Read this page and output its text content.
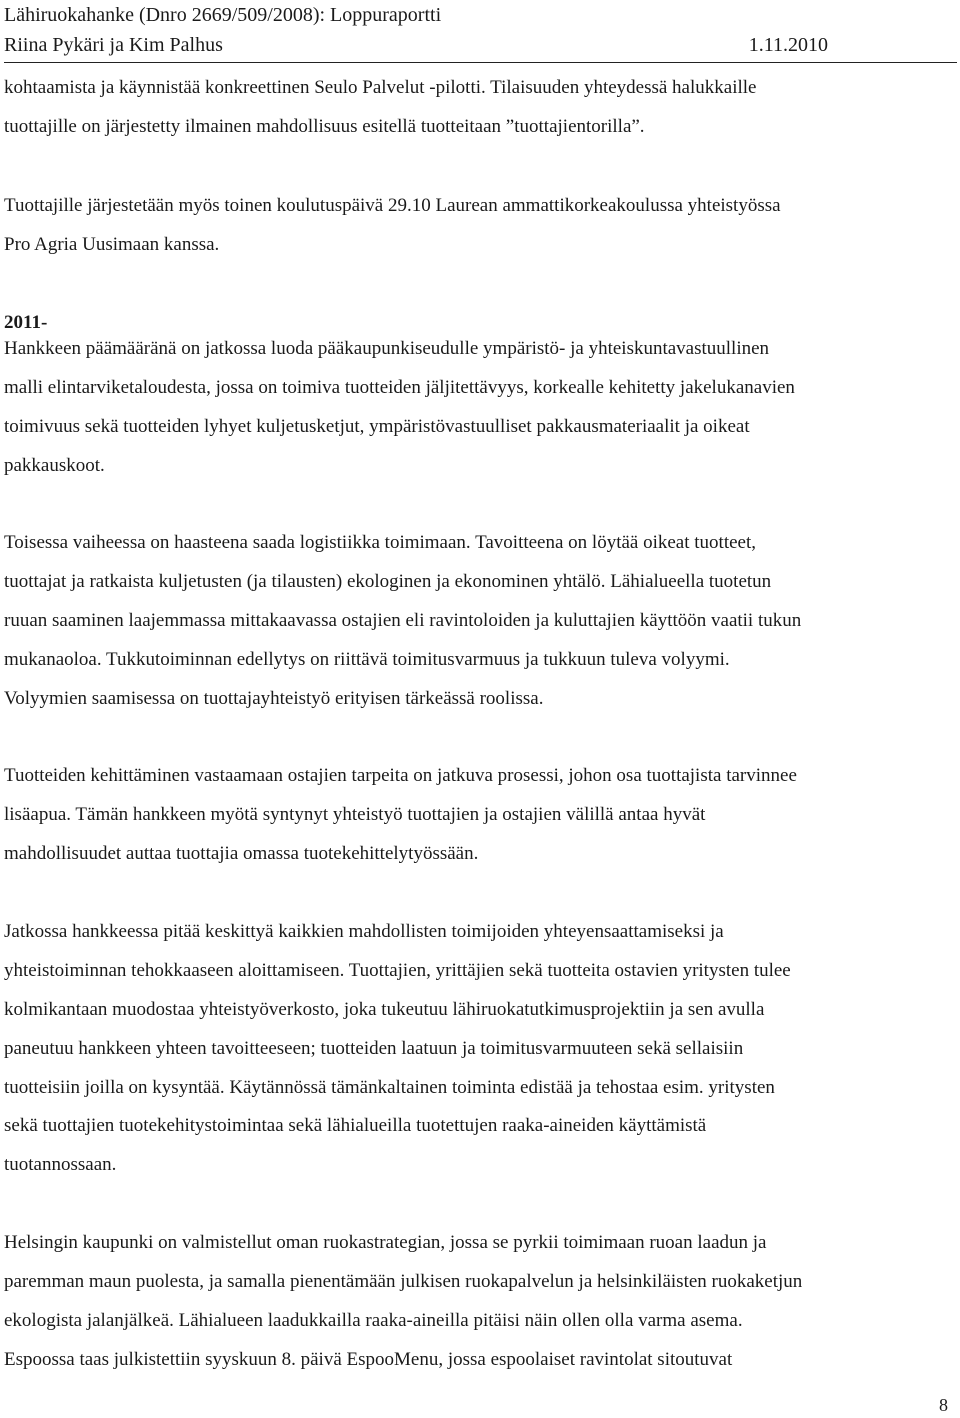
Lähiruokahanke (Dnro 2669/509/2008): Loppuraportti
Riina Pykäri ja Kim Palhus	1.11.2010
kohtaamista ja käynnistää konkreettinen Seulo Palvelut -pilotti. Tilaisuuden yhteydessä halukkaille
tuottajille on järjestetty ilmainen mahdollisuus esitellä tuotteitaan ”tuottajientorilla”.
Tuottajille järjestetään myös toinen koulutuspäivä 29.10 Laurean ammattikorkeakoulussa yhteistyössa
Pro Agria Uusimaan kanssa.
2011-
Hankkeen päämääränä on jatkossa luoda pääkaupunkiseudulle ympäristö- ja yhteiskuntavastuullinen
malli elintarviketaloudesta, jossa on toimiva tuotteiden jäljitettävyys, korkealle kehitetty jakelukanavien
toimivuus sekä tuotteiden lyhyet kuljetusketjut, ympäristövastuulliset pakkausmateriaalit ja oikeat
pakkauskoot.
Toisessa vaiheessa on haasteena saada logistiikka toimimaan. Tavoitteena on löytää oikeat tuotteet,
tuottajat ja ratkaista kuljetusten (ja tilausten) ekologinen ja ekonominen yhtälö. Lähialueella tuotetun
ruuan saaminen laajemmassa mittakaavassa ostajien eli ravintoloiden ja kuluttajien käyttöön vaatii tukun
mukanaoloa. Tukkutoiminnan edellytys on riittävä toimitusvarmuus ja tukkuun tuleva volyymi.
Volyymien saamisessa on tuottajayhteistyö erityisen tärkeässä roolissa.
Tuotteiden kehittäminen vastaamaan ostajien tarpeita on jatkuva prosessi, johon osa tuottajista tarvinnee
lisäapua. Tämän hankkeen myötä syntynyt yhteistyö tuottajien ja ostajien välillä antaa hyvät
mahdollisuudet auttaa tuottajia omassa tuotekehittelytyössään.
Jatkossa hankkeessa pitää keskittyä kaikkien mahdollisten toimijoiden yhteyensaattamiseksi ja
yhteistoiminnan tehokkaaseen aloittamiseen. Tuottajien, yrittäjien sekä tuotteita ostavien yritysten tulee
kolmikantaan muodostaa yhteistyöverkosto, joka tukeutuu lähiruokatutkimusprojektiin ja sen avulla
paneutuu hankkeen yhteen tavoitteeseen; tuotteiden laatuun ja toimitusvarmuuteen sekä sellaisiin
tuotteisiin joilla on kysyntää. Käytännössä tämänkaltainen toiminta edistää ja tehostaa esim. yritysten
sekä tuottajien tuotekehitystoimintaa sekä lähialueilla tuotettujen raaka-aineiden käyttämistä
tuotannossaan.
Helsingin kaupunki on valmistellut oman ruokastrategian, jossa se pyrkii toimimaan ruoan laadun ja
paremman maun puolesta, ja samalla pienentämään julkisen ruokapalvelun ja helsinkiläisten ruokaketjun
ekologista jalanjälkeä. Lähialueen laadukkailla raaka-aineilla pitäisi näin ollen olla varma asema.
Espoossa taas julkistettiin syyskuun 8. päivä EspooMenu, jossa espoolaiset ravintolat sitoutuvat
8
